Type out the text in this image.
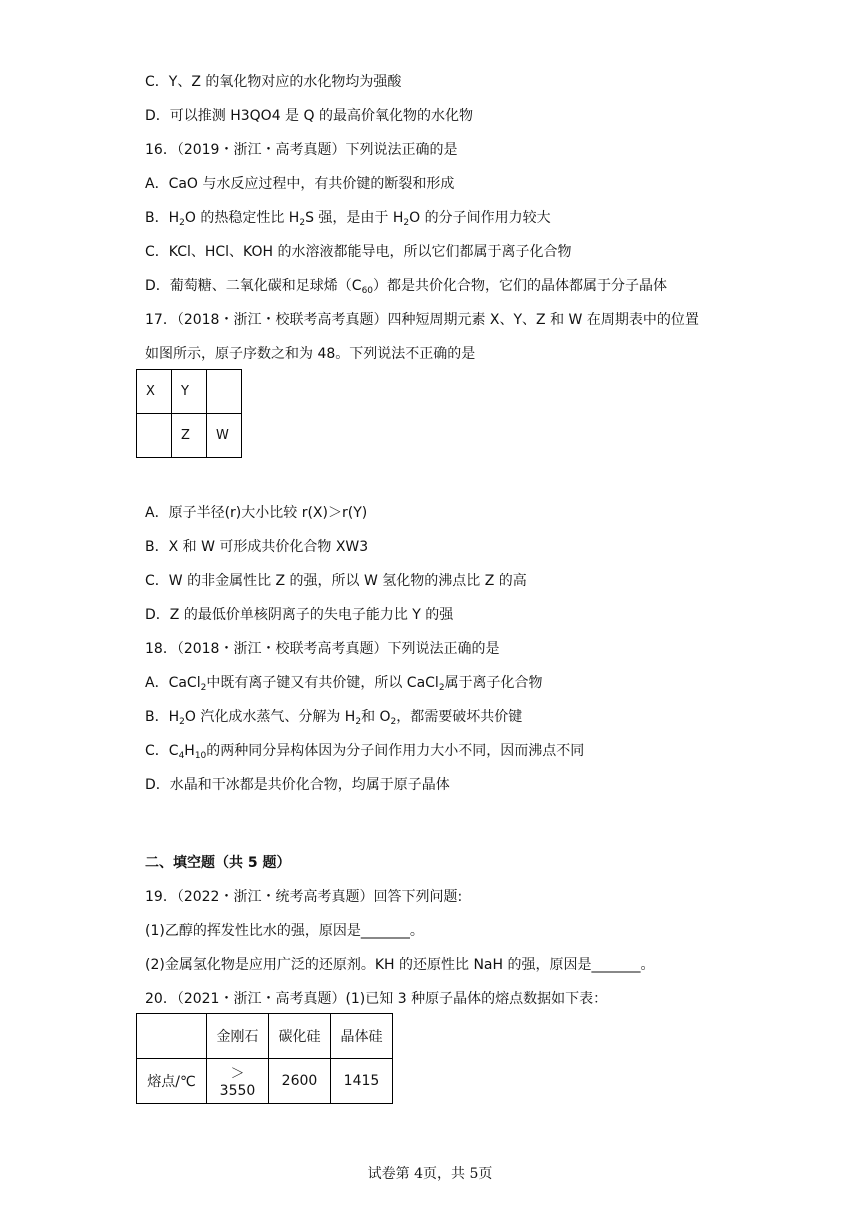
C．Y、Z 的氧化物对应的水化物均为强酸
D．可以推测 H3QO4 是 Q 的最高价氧化物的水化物
16．（2019・浙江・高考真题）下列说法正确的是
A．CaO 与水反应过程中，有共价键的断裂和形成
B．$H_2O$ 的热稳定性比 $H_2S$ 强，是由于 $H_2O$ 的分子间作用力较大
C．KCl、HCl、KOH 的水溶液都能导电，所以它们都属于离子化合物
D．葡萄糖、二氧化碳和足球烯$(C_{60})$都是共价化合物，它们的晶体都属于分子晶体
17．（2018・浙江・校联考高考真题）四种短周期元素 X、Y、Z 和 W 在周期表中的位置
如图所示，原子序数之和为 48。下列说法不正确的是
X	Y	
	Z	W
A．原子半径(r)大小比较 r(X)＞r(Y)
B．X 和 W 可形成共价化合物 XW3
C．W 的非金属性比 Z 的强，所以 W 氢化物的沸点比 Z 的高
D．Z 的最低价单核阴离子的失电子能力比 Y 的强
18．（2018・浙江・校联考高考真题）下列说法正确的是
A．CaCl$_2$中既有离子键又有共价键，所以 CaCl$_2$属于离子化合物
B．$H_2O$ 汽化成水蒸气、分解为 $H_2$和 $O_2$，都需要破坏共价键
C．$C_4H_{10}$的两种同分异构体因为分子间作用力大小不同，因而沸点不同
D．水晶和干冰都是共价化合物，均属于原子晶体
二、填空题（共 5 题）
19．（2022・浙江・统考高考真题）回答下列问题:
(1)乙醇的挥发性比水的强，原因是_______。
(2)金属氢化物是应用广泛的还原剂。KH 的还原性比 NaH 的强，原因是_______。
20．（2021・浙江・高考真题）(1)已知 3 种原子晶体的熔点数据如下表：
	金刚石	碳化硅	晶体硅
熔点/℃	＞3550	2600	1415
试卷第 4页，共 5页
